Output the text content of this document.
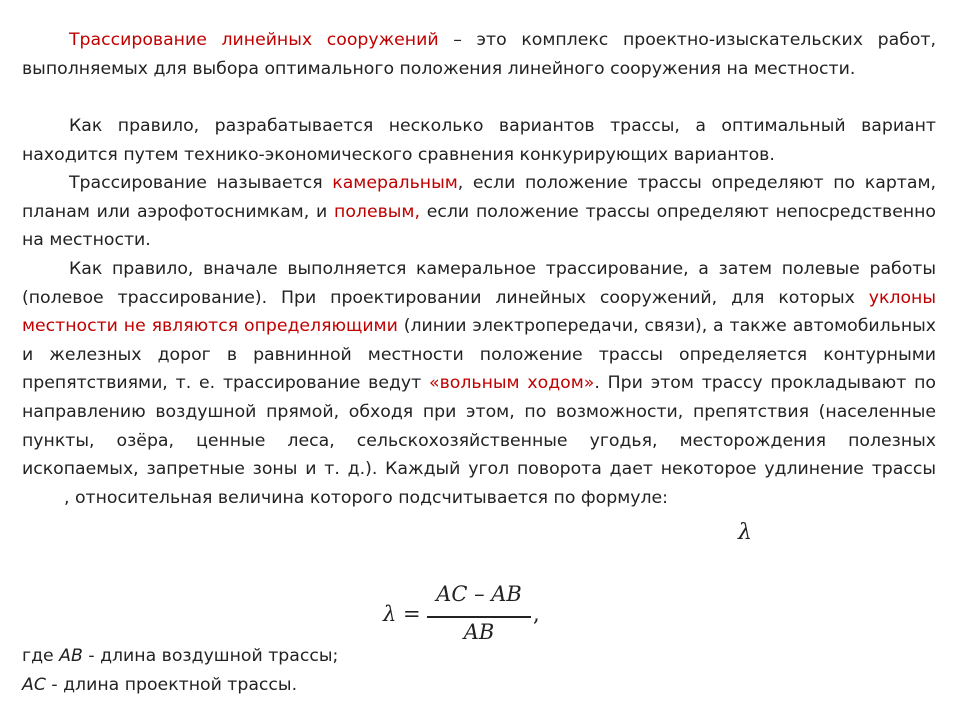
Трассирование линейных сооружений – это комплекс проектно-изыскательских работ, выполняемых для выбора оптимального положения линейного сооружения на местности.

Как правило, разрабатывается несколько вариантов трассы, а оптимальный вариант находится путем технико-экономического сравнения конкурирующих вариантов.

Трассирование называется камеральным, если положение трассы определяют по картам, планам или аэрофотоснимкам, и полевым, если положение трассы определяют непосредственно на местности.

Как правило, вначале выполняется камеральное трассирование, а затем полевые работы (полевое трассирование). При проектировании линейных сооружений, для которых уклоны местности не являются определяющими (линии электропередачи, связи), а также автомобильных и железных дорог в равнинной местности положение трассы определяется контурными препятствиями, т. е. трассирование ведут «вольным ходом». При этом трассу прокладывают по направлению воздушной прямой, обходя при этом, по возможности, препятствия (населенные пункты, озёра, ценные леса, сельскохозяйственные угодья, месторождения полезных ископаемых, запретные зоны и т. д.). Каждый угол поворота дает некоторое удлинение трассы, относительная величина которого подсчитывается по формуле:

λ
λ =
AC – AB
AB
,
где AB - длина воздушной трассы;
AC - длина проектной трассы.
